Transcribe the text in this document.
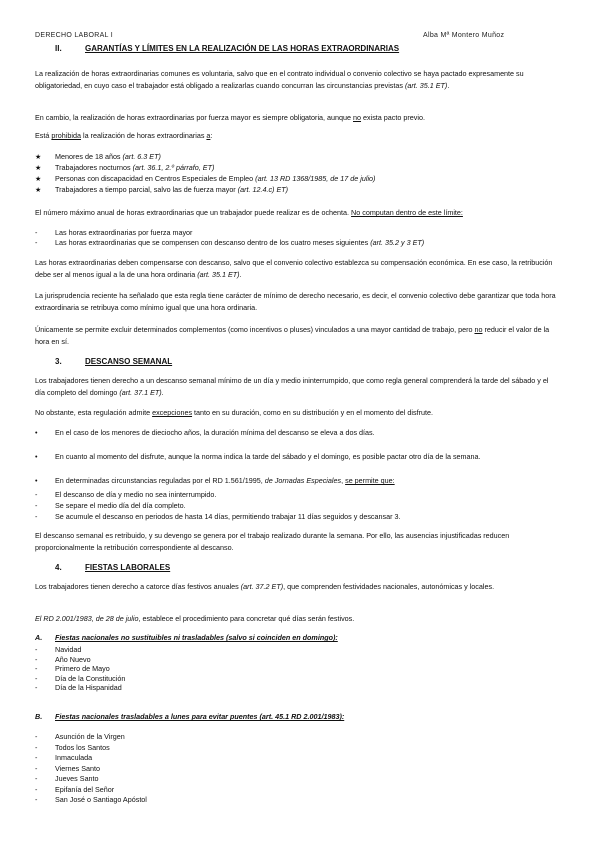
DERECHO LABORAL I	Alba Mª Montero Muñoz
II.	GARANTÍAS Y LÍMITES EN LA REALIZACIÓN DE LAS HORAS EXTRAORDINARIAS
La realización de horas extraordinarias comunes es voluntaria, salvo que en el contrato individual o convenio colectivo se haya pactado expresamente su obligatoriedad, en cuyo caso el trabajador está obligado a realizarlas cuando concurran las circunstancias previstas (art. 35.1 ET).
En cambio, la realización de horas extraordinarias por fuerza mayor es siempre obligatoria, aunque no exista pacto previo.
Está prohibida la realización de horas extraordinarias a:
★ Menores de 18 años (art. 6.3 ET)
★ Trabajadores nocturnos (art. 36.1, 2.º párrafo, ET)
★ Personas con discapacidad en Centros Especiales de Empleo (art. 13 RD 1368/1985, de 17 de julio)
★ Trabajadores a tiempo parcial, salvo las de fuerza mayor (art. 12.4.c) ET)
El número máximo anual de horas extraordinarias que un trabajador puede realizar es de ochenta. No computan dentro de este límite:
- Las horas extraordinarias por fuerza mayor
- Las horas extraordinarias que se compensen con descanso dentro de los cuatro meses siguientes (art. 35.2 y 3 ET)
Las horas extraordinarias deben compensarse con descanso, salvo que el convenio colectivo establezca su compensación económica. En ese caso, la retribución debe ser al menos igual a la de una hora ordinaria (art. 35.1 ET).
La jurisprudencia reciente ha señalado que esta regla tiene carácter de mínimo de derecho necesario, es decir, el convenio colectivo debe garantizar que toda hora extraordinaria se retribuya como mínimo igual que una hora ordinaria.
Únicamente se permite excluir determinados complementos (como incentivos o pluses) vinculados a una mayor cantidad de trabajo, pero no reducir el valor de la hora en sí.
3.	DESCANSO SEMANAL
Los trabajadores tienen derecho a un descanso semanal mínimo de un día y medio ininterrumpido, que como regla general comprenderá la tarde del sábado y el día completo del domingo (art. 37.1 ET).
No obstante, esta regulación admite excepciones tanto en su duración, como en su distribución y en el momento del disfrute.
• En el caso de los menores de dieciocho años, la duración mínima del descanso se eleva a dos días.
• En cuanto al momento del disfrute, aunque la norma indica la tarde del sábado y el domingo, es posible pactar otro día de la semana.
• En determinadas circunstancias reguladas por el RD 1.561/1995, de Jornadas Especiales, se permite que:
- El descanso de día y medio no sea ininterrumpido.
- Se separe el medio día del día completo.
- Se acumule el descanso en periodos de hasta 14 días, permitiendo trabajar 11 días seguidos y descansar 3.
El descanso semanal es retribuido, y su devengo se genera por el trabajo realizado durante la semana. Por ello, las ausencias injustificadas reducen proporcionalmente la retribución correspondiente al descanso.
4.	FIESTAS LABORALES
Los trabajadores tienen derecho a catorce días festivos anuales (art. 37.2 ET), que comprenden festividades nacionales, autonómicas y locales.
El RD 2.001/1983, de 28 de julio, establece el procedimiento para concretar qué días serán festivos.
A. Fiestas nacionales no sustituibles ni trasladables (salvo si coinciden en domingo):
- Navidad
- Año Nuevo
- Primero de Mayo
- Día de la Constitución
- Día de la Hispanidad
B. Fiestas nacionales trasladables a lunes para evitar puentes (art. 45.1 RD 2.001/1983):
- Asunción de la Virgen
- Todos los Santos
- Inmaculada
- Viernes Santo
- Jueves Santo
- Epifanía del Señor
- San José o Santiago Apóstol
